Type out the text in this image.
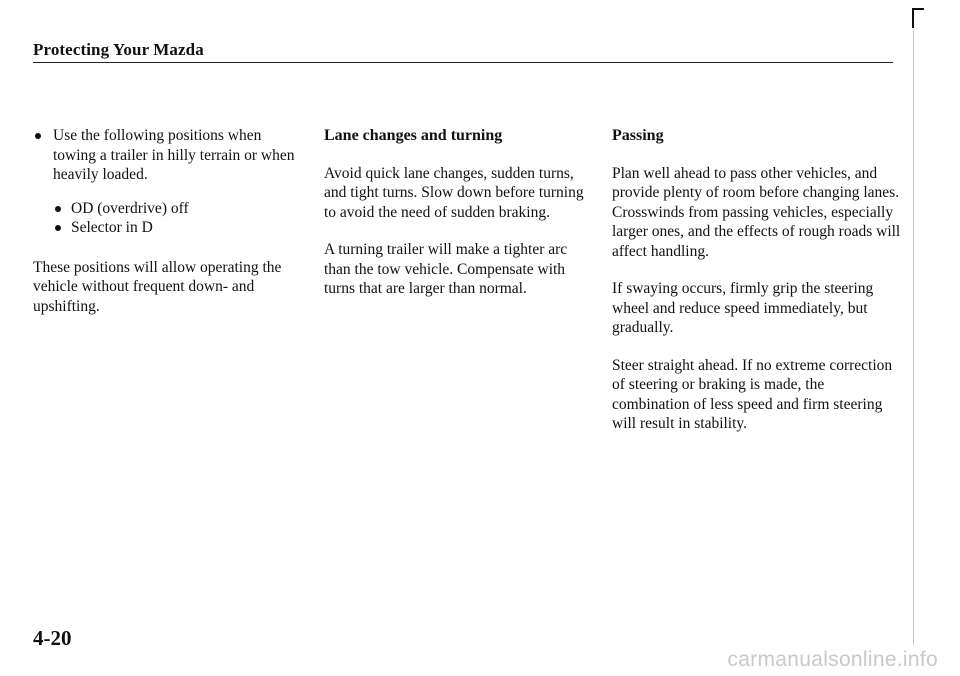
Protecting Your Mazda
Use the following positions when towing a trailer in hilly terrain or when heavily loaded.
OD (overdrive) off
Selector in D

These positions will allow operating the vehicle without frequent down- and upshifting.

Lane changes and turning

Avoid quick lane changes, sudden turns, and tight turns. Slow down before turning to avoid the need of sudden braking.

A turning trailer will make a tighter arc than the tow vehicle. Compensate with turns that are larger than normal.

Passing

Plan well ahead to pass other vehicles, and provide plenty of room before changing lanes.

Crosswinds from passing vehicles, especially larger ones, and the effects of rough roads will affect handling.

If swaying occurs, firmly grip the steering wheel and reduce speed immediately, but gradually.

Steer straight ahead. If no extreme correction of steering or braking is made, the combination of less speed and firm steering will result in stability.

4-20
carmanualsonline.info
